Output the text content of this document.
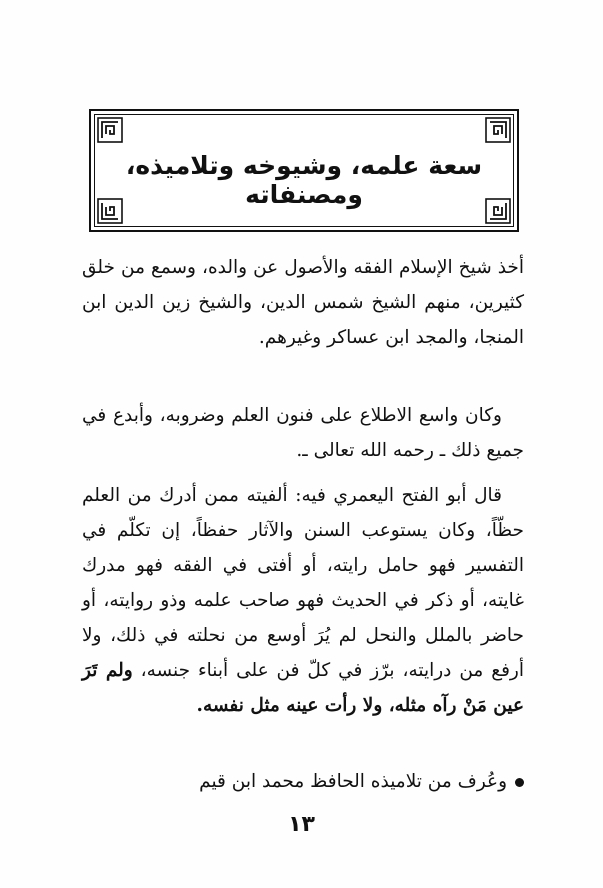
سعة علمه، وشيوخه وتلاميذه، ومصنفاته

أخذ شيخ الإسلام الفقه والأصول عن والده، وسمع من خلق كثيرين، منهم الشيخ شمس الدين، والشيخ زين الدين ابن المنجا، والمجد ابن عساكر وغيرهم.

وكان واسع الاطلاع على فنون العلم وضروبه، وأبدع في جميع ذلك ـ رحمه الله تعالى ـ.

قال أبو الفتح اليعمري فيه: ألفيته ممن أدرك من العلم حظّاً، وكان يستوعب السنن والآثار حفظاً، إن تكلّم في التفسير فهو حامل رايته، أو أفتى في الفقه فهو مدرك غايته، أو ذكر في الحديث فهو صاحب علمه وذو روايته، أو حاضر بالملل والنحل لم يُرَ أوسع من نحلته في ذلك، ولا أرفع من درايته، برّز في كلّ فن على أبناء جنسه، ولم تَرَ عين مَنْ رآه مثله، ولا رأت عينه مثل نفسه.

وعُرف من تلاميذه الحافظ محمد ابن قيم

١٣
